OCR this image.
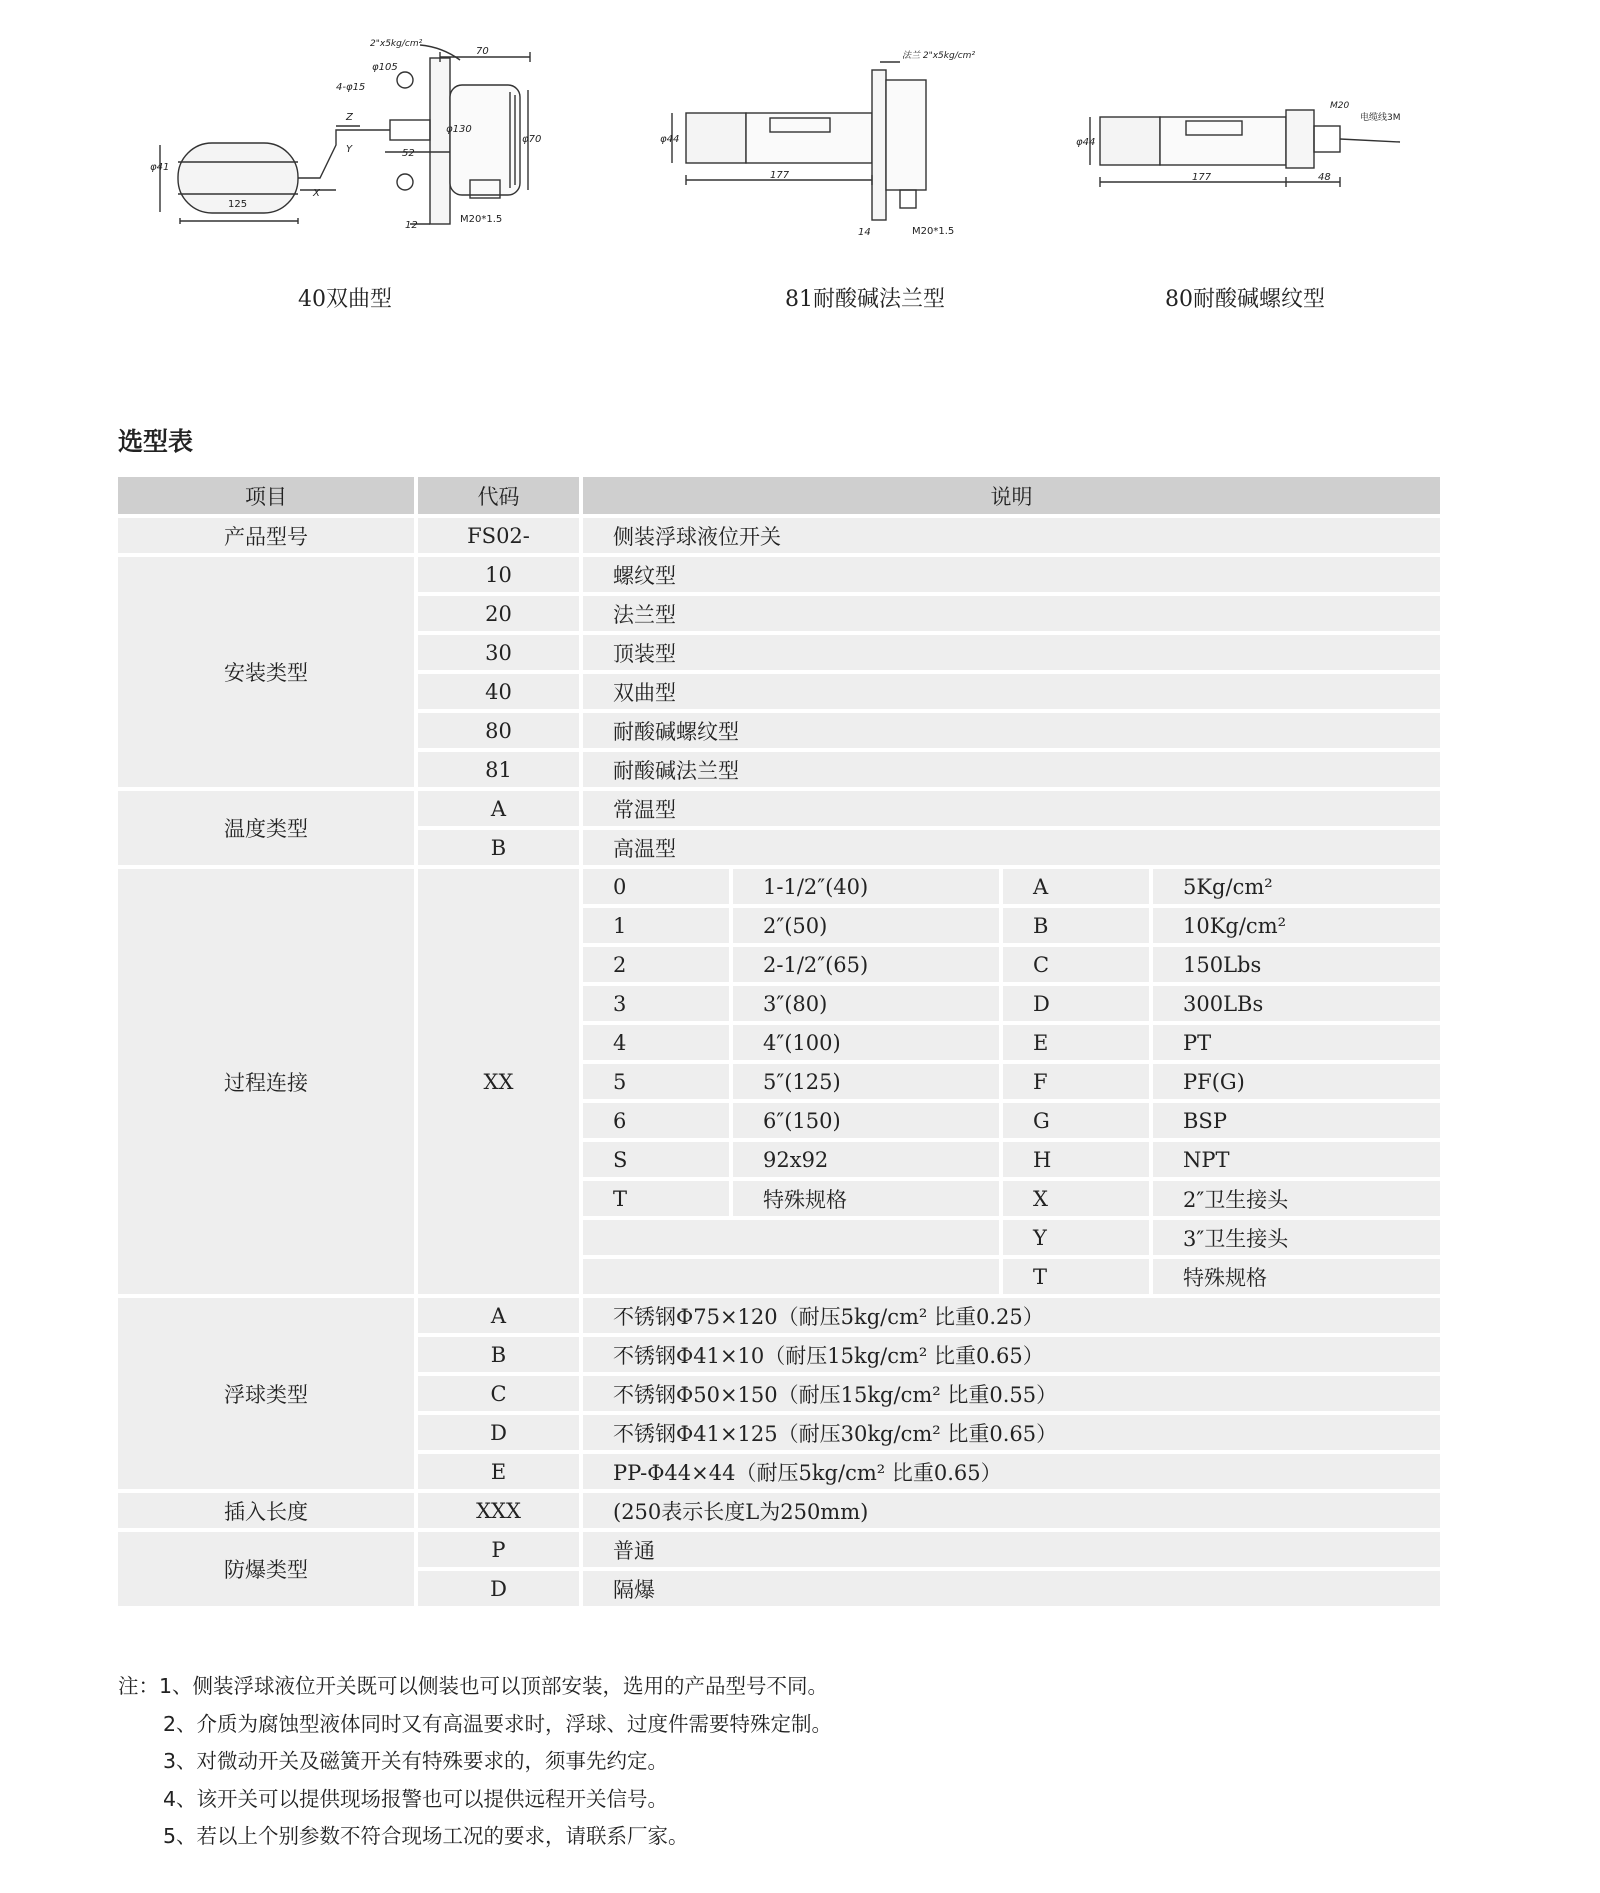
2"x5kg/cm²
φ105
4-φ15
70
φ130
φ70
Z
Y	52
φ41
X
125
12
M20*1.5
法兰 2"x5kg/cm²
φ44
177
14	M20*1.5
M20
电缆线3M
φ44
177	48
40双曲型	81耐酸碱法兰型	80耐酸碱螺纹型
选型表
项目	代码	说明			
产品型号	FS02-	侧装浮球液位开关			
安装类型	10	螺纹型			
	20	法兰型			
	30	顶装型			
	40	双曲型			
	80	耐酸碱螺纹型			
	81	耐酸碱法兰型			
温度类型	A	常温型			
	B	高温型			
过程连接	XX	0	1-1/2″(40)	A	5Kg/cm²
		1	2″(50)	B	10Kg/cm²
		2	2-1/2″(65)	C	150Lbs
		3	3″(80)	D	300LBs
		4	4″(100)	E	PT
		5	5″(125)	F	PF(G)
		6	6″(150)	G	BSP
		S	92x92	H	NPT
		T	特殊规格	X	2″卫生接头
				Y	3″卫生接头
				T	特殊规格
浮球类型	A	不锈钢Φ75×120（耐压5kg/cm² 比重0.25）			
	B	不锈钢Φ41×10（耐压15kg/cm² 比重0.65）			
	C	不锈钢Φ50×150（耐压15kg/cm² 比重0.55）			
	D	不锈钢Φ41×125（耐压30kg/cm² 比重0.65）			
	E	PP-Φ44×44（耐压5kg/cm² 比重0.65）			
插入长度	XXX	(250表示长度L为250mm)			
防爆类型	P	普通			
	D	隔爆			
注：1、侧装浮球液位开关既可以侧装也可以顶部安装，选用的产品型号不同。
2、介质为腐蚀型液体同时又有高温要求时，浮球、过度件需要特殊定制。
3、对微动开关及磁簧开关有特殊要求的，须事先约定。
4、该开关可以提供现场报警也可以提供远程开关信号。
5、若以上个别参数不符合现场工况的要求，请联系厂家。
